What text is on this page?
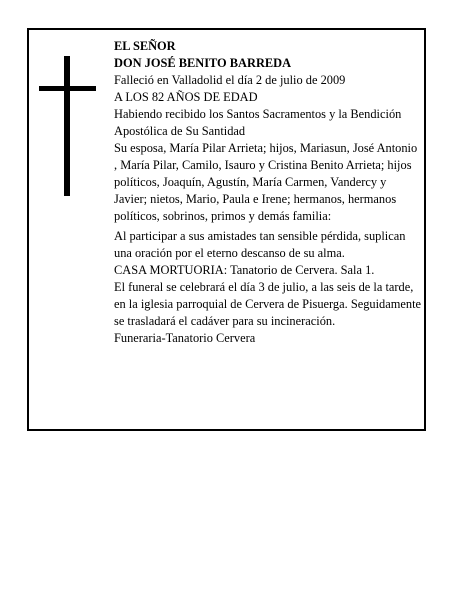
EL SEÑOR

DON JOSÉ BENITO BARREDA

Falleció en Valladolid el día 2 de julio de 2009

A LOS 82 AÑOS DE EDAD

Habiendo recibido los Santos Sacramentos y la Bendición Apostólica de Su Santidad

Su esposa, María Pilar Arrieta; hijos, Mariasun, José Antonio , María Pilar, Camilo, Isauro y Cristina Benito Arrieta; hijos políticos, Joaquín, Agustín, María Carmen, Vandercy y Javier; nietos, Mario, Paula e Irene; hermanos, hermanos políticos, sobrinos, primos y demás familia:

Al participar a sus amistades tan sensible pérdida, suplican una oración por el eterno descanso de su alma.

CASA MORTUORIA: Tanatorio de Cervera. Sala 1.

El funeral se celebrará el día 3 de julio, a las seis de la tarde, en la iglesia parroquial de Cervera de Pisuerga. Seguidamente se trasladará el cadáver para su incineración.

Funeraria-Tanatorio Cervera
